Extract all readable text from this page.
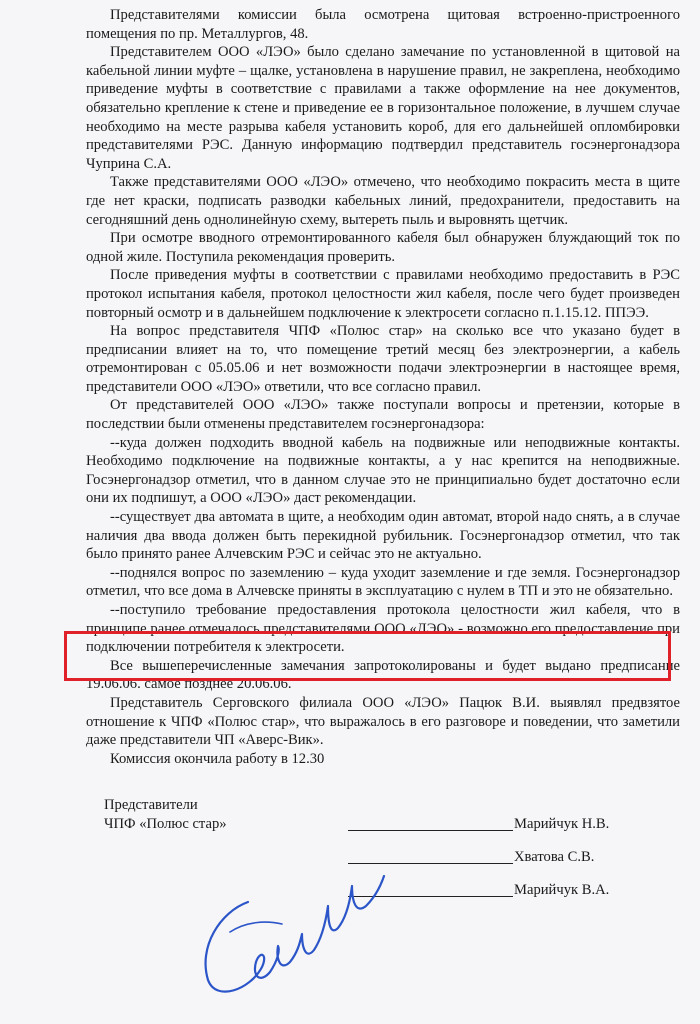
Представителями комиссии была осмотрена щитовая встроенно-пристроенного помещения по пр. Металлургов, 48.

Представителем ООО «ЛЭО» было сделано замечание по установленной в щитовой на кабельной линии муфте – щалке, установлена в нарушение правил, не закреплена, необходимо приведение муфты в соответствие с правилами а также оформление на нее документов, обязательно крепление к стене и приведение ее в горизонтальное положение, в лучшем случае необходимо на месте разрыва кабеля установить короб, для его дальнейшей опломбировки представителями РЭС. Данную информацию подтвердил представитель госэнергонадзора Чуприна С.А.

Также представителями ООО «ЛЭО» отмечено, что необходимо покрасить места в щите где нет краски, подписать разводки кабельных линий, предохранители, предоставить на сегодняшний день однолинейную схему, вытереть пыль и выровнять щетчик.

При осмотре вводного отремонтированного кабеля был обнаружен блуждающий ток по одной жиле. Поступила рекомендация проверить.

После приведения муфты в соответствии с правилами необходимо предоставить в РЭС протокол испытания кабеля, протокол целостности жил кабеля, после чего будет произведен повторный осмотр и в дальнейшем подключение к электросети согласно п.1.15.12. ППЭЭ.

На вопрос представителя ЧПФ «Полюс стар» на сколько все что указано будет в предписании влияет на то, что помещение третий месяц без электроэнергии, а кабель отремонтирован с 05.05.06 и нет возможности подачи электроэнергии в настоящее время, представители ООО «ЛЭО» ответили, что все согласно правил.

От представителей ООО «ЛЭО» также поступали вопросы и претензии, которые в последствии были отменены представителем госэнергонадзора:

--куда должен подходить вводной кабель на подвижные или неподвижные контакты. Необходимо подключение на подвижные контакты, а у нас крепится на неподвижные. Госэнергонадзор отметил, что в данном случае это не принципиально будет достаточно если они их подпишут, а ООО «ЛЭО» даст рекомендации.

--существует два автомата в щите, а необходим один автомат, второй надо снять, а в случае наличия два ввода должен быть перекидной рубильник. Госэнергонадзор отметил, что так было принято ранее Алчевским РЭС и сейчас это не актуально.

--поднялся вопрос по заземлению – куда уходит заземление и где земля. Госэнергонадзор отметил, что все дома в Алчевске приняты в эксплуатацию с нулем в ТП и это не обязательно.

--поступило требование предоставления протокола целостности жил кабеля, что в принципе ранее отмечалось представителями ООО «ЛЭО» - возможно его предоставление при подключении потребителя к электросети.

Все вышеперечисленные замечания запротоколированы и будет выдано предписание 19.06.06. самое позднее 20.06.06.

Представитель Серговского филиала ООО «ЛЭО» Пацюк В.И. выявлял предвзятое отношение к ЧПФ «Полюс стар», что выражалось в его разговоре и поведении, что заметили даже представители ЧП «Аверс-Вик».

Комиссия окончила работу в 12.30

Представители
ЧПФ «Полюс стар»	Марийчук Н.В.
Хватова С.В.
Марийчук В.А.
